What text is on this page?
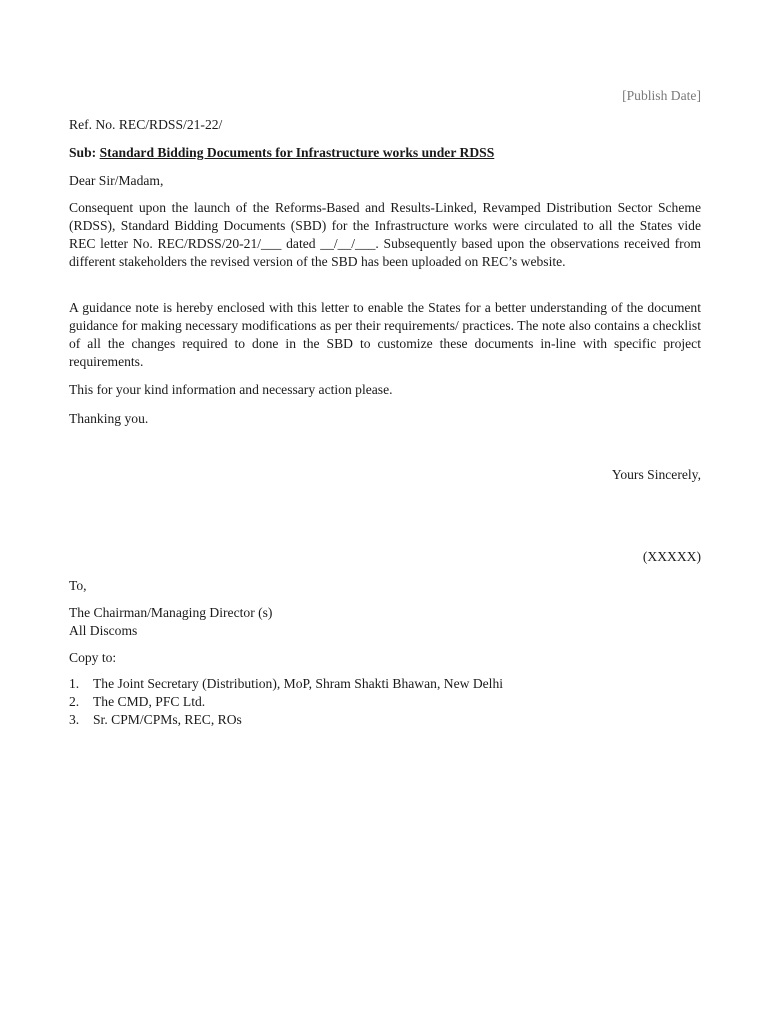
[Publish Date]
Ref. No. REC/RDSS/21-22/
Sub: Standard Bidding Documents for Infrastructure works under RDSS
Dear Sir/Madam,
Consequent upon the launch of the Reforms-Based and Results-Linked, Revamped Distribution Sector Scheme (RDSS), Standard Bidding Documents (SBD) for the Infrastructure works were circulated to all the States vide REC letter No. REC/RDSS/20-21/___ dated __/__/___. Subsequently based upon the observations received from different stakeholders the revised version of the SBD has been uploaded on REC’s website.
A guidance note is hereby enclosed with this letter to enable the States for a better understanding of the document guidance for making necessary modifications as per their requirements/ practices. The note also contains a checklist of all the changes required to done in the SBD to customize these documents in-line with specific project requirements.
This for your kind information and necessary action please.
Thanking you.
Yours Sincerely,
(XXXXX)
To,
The Chairman/Managing Director (s)
All Discoms
Copy to:
1.	The Joint Secretary (Distribution), MoP, Shram Shakti Bhawan, New Delhi
2.	The CMD, PFC Ltd.
3.	Sr. CPM/CPMs, REC, ROs
